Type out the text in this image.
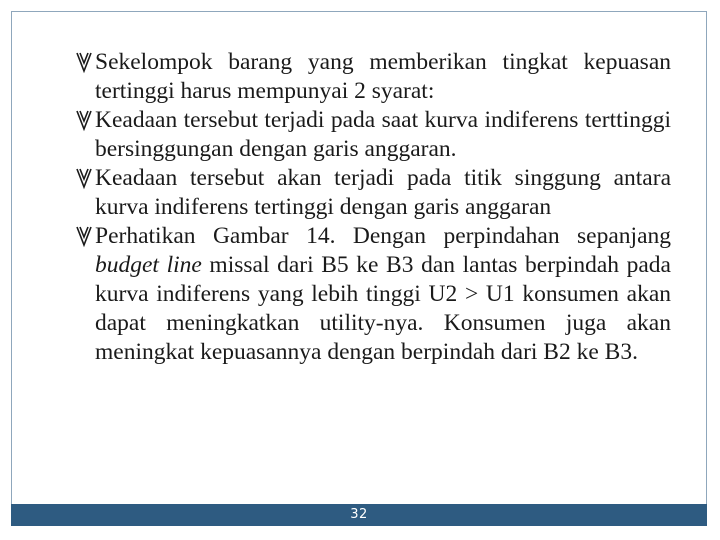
Sekelompok barang yang memberikan tingkat kepuasan tertinggi harus mempunyai 2 syarat:

Keadaan tersebut terjadi pada saat kurva indiferens terttinggi bersinggungan dengan garis anggaran.

Keadaan tersebut akan terjadi pada titik singgung antara kurva indiferens tertinggi dengan garis anggaran

Perhatikan Gambar 14. Dengan perpindahan sepanjang budget line missal dari B5 ke B3 dan lantas berpindah pada kurva indiferens yang lebih tinggi U2 > U1 konsumen akan dapat meningkatkan utility-nya. Konsumen juga akan meningkat kepuasannya dengan berpindah dari B2 ke B3.

32
